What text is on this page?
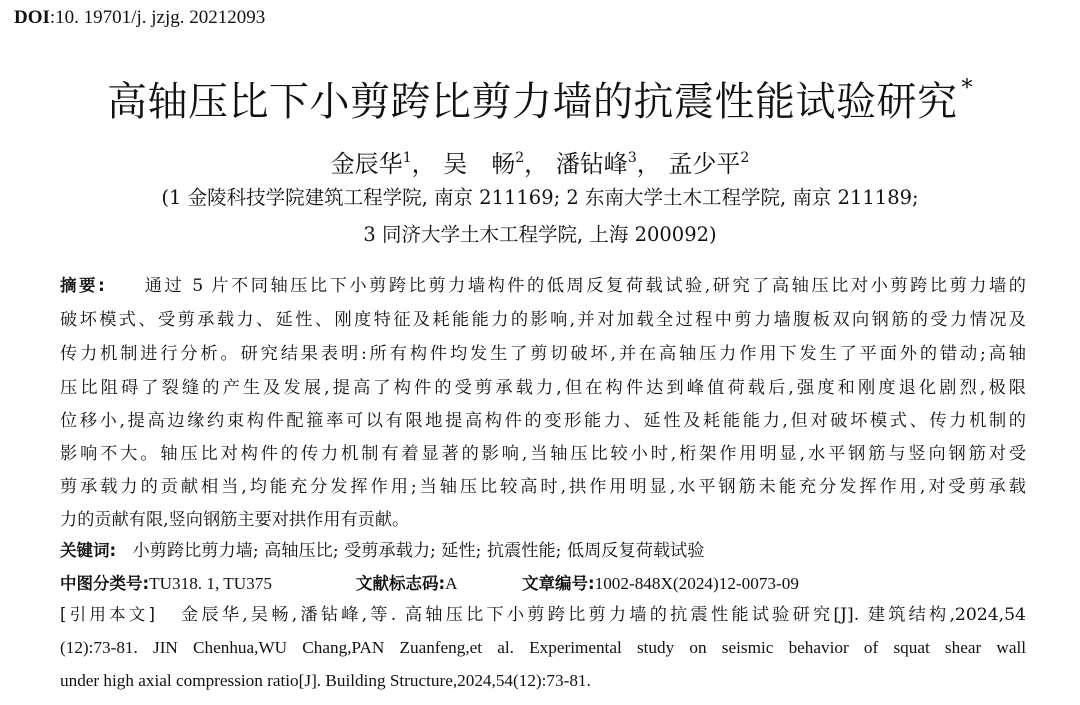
DOI:10. 19701/j. jzjg. 20212093
高轴压比下小剪跨比剪力墙的抗震性能试验研究 *
金辰华$^1$， 吴　畅$^2$， 潘钻峰$^3$， 孟少平$^2$
(1 金陵科技学院建筑工程学院, 南京 211169; 2 东南大学土木工程学院, 南京 211189;
3 同济大学土木工程学院, 上海 200092)
摘要: 通过 5 片不同轴压比下小剪跨比剪力墙构件的低周反复荷载试验,研究了高轴压比对小剪跨比剪力墙的
破坏模式、受剪承载力、延性、刚度特征及耗能能力的影响,并对加载全过程中剪力墙腹板双向钢筋的受力情况及
传力机制进行分析。研究结果表明:所有构件均发生了剪切破坏,并在高轴压力作用下发生了平面外的错动;高轴
压比阻碍了裂缝的产生及发展,提高了构件的受剪承载力,但在构件达到峰值荷载后,强度和刚度退化剧烈,极限
位移小,提高边缘约束构件配箍率可以有限地提高构件的变形能力、延性及耗能能力,但对破坏模式、传力机制的
影响不大。轴压比对构件的传力机制有着显著的影响,当轴压比较小时,桁架作用明显,水平钢筋与竖向钢筋对受
剪承载力的贡献相当,均能充分发挥作用;当轴压比较高时,拱作用明显,水平钢筋未能充分发挥作用,对受剪承载
力的贡献有限,竖向钢筋主要对拱作用有贡献。
关键词: 小剪跨比剪力墙; 高轴压比; 受剪承载力; 延性; 抗震性能; 低周反复荷载试验
中图分类号:TU318. 1, TU375	文献标志码:A	文章编号:1002-848X(2024)12-0073-09
[引用本文] 金辰华,吴畅,潘钻峰,等. 高轴压比下小剪跨比剪力墙的抗震性能试验研究[J]. 建筑结构,2024,54
(12):73-81. JIN Chenhua,WU Chang,PAN Zuanfeng,et al. Experimental study on seismic behavior of squat shear wall
under high axial compression ratio[J]. Building Structure,2024,54(12):73-81.
